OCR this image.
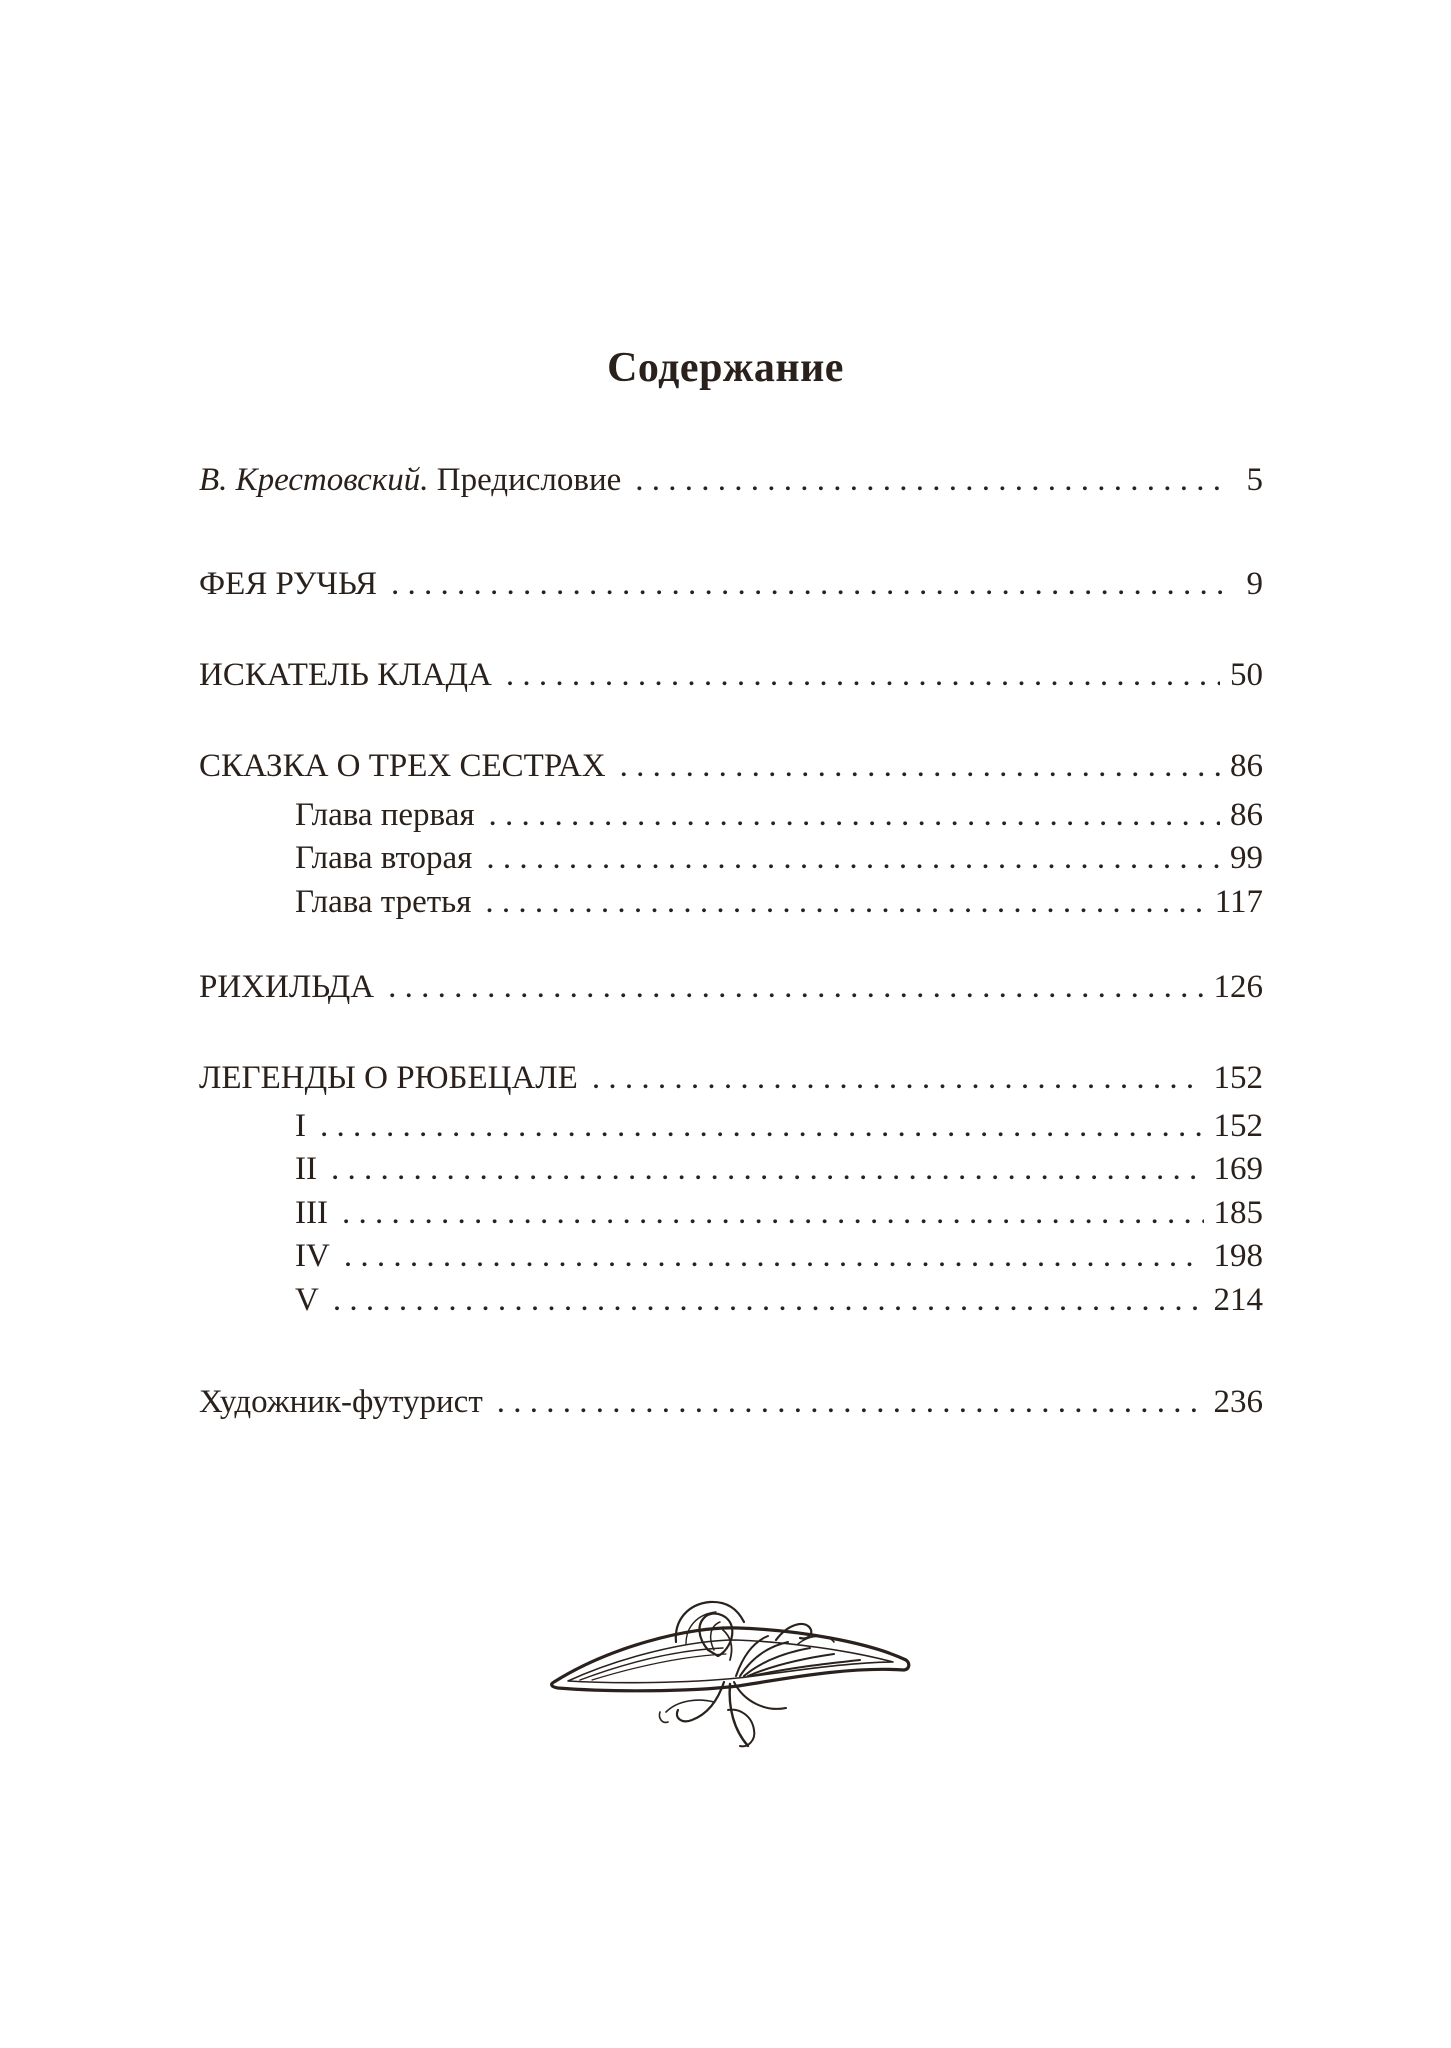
Содержание
В. Крестовский. Предисловие . . .	5
ФЕЯ РУЧЬЯ . . .	9
ИСКАТЕЛЬ КЛАДА . . .	50
СКАЗКА О ТРЕХ СЕСТРАХ . . .	86
Глава первая . . .	86
Глава вторая . . .	99
Глава третья . . .	117
РИХИЛЬДА . . .	126
ЛЕГЕНДЫ О РЮБЕЦАЛЕ . . .	152
I . . .	152
II . . .	169
III . . .	185
IV . . .	198
V . . .	214
Художник-футурист . . .	236
